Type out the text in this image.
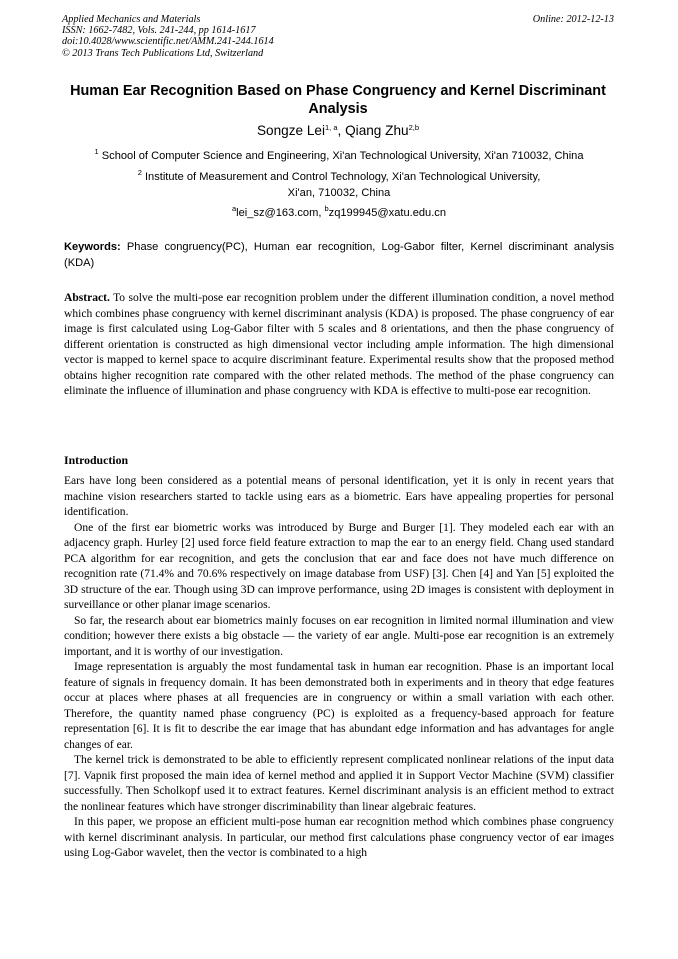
Applied Mechanics and Materials
ISSN: 1662-7482, Vols. 241-244, pp 1614-1617
doi:10.4028/www.scientific.net/AMM.241-244.1614
© 2013 Trans Tech Publications Ltd, Switzerland
Online: 2012-12-13
Human Ear Recognition Based on Phase Congruency and Kernel Discriminant Analysis
Songze Lei$^{1, a}$, Qiang Zhu$^{2,b}$
$^1$ School of Computer Science and Engineering, Xi'an Technological University, Xi'an 710032, China
$^2$ Institute of Measurement and Control Technology, Xi'an Technological University,
Xi'an, 710032, China
$^a$lei_sz@163.com, $^b$zq199945@xatu.edu.cn
Keywords: Phase congruency(PC), Human ear recognition, Log-Gabor filter, Kernel discriminant analysis (KDA)
Abstract. To solve the multi-pose ear recognition problem under the different illumination condition, a novel method which combines phase congruency with kernel discriminant analysis (KDA) is proposed. The phase congruency of ear image is first calculated using Log-Gabor filter with 5 scales and 8 orientations, and then the phase congruency of different orientation is constructed as high dimensional vector including ample information. The high dimensional vector is mapped to kernel space to acquire discriminant feature. Experimental results show that the proposed method obtains higher recognition rate compared with the other related methods. The method of the phase congruency can eliminate the influence of illumination and phase congruency with KDA is effective to multi-pose ear recognition.
Introduction

Ears have long been considered as a potential means of personal identification, yet it is only in recent years that machine vision researchers started to tackle using ears as a biometric. Ears have appealing properties for personal identification.

One of the first ear biometric works was introduced by Burge and Burger [1]. They modeled each ear with an adjacency graph. Hurley [2] used force field feature extraction to map the ear to an energy field. Chang used standard PCA algorithm for ear recognition, and gets the conclusion that ear and face does not have much difference on recognition rate (71.4% and 70.6% respectively on image database from USF) [3]. Chen [4] and Yan [5] exploited the 3D structure of the ear. Though using 3D can improve performance, using 2D images is consistent with deployment in surveillance or other planar image scenarios.

So far, the research about ear biometrics mainly focuses on ear recognition in limited normal illumination and view condition; however there exists a big obstacle — the variety of ear angle. Multi-pose ear recognition is an extremely important, and it is worthy of our investigation.

Image representation is arguably the most fundamental task in human ear recognition. Phase is an important local feature of signals in frequency domain. It has been demonstrated both in experiments and in theory that edge features occur at places where phases at all frequencies are in congruency or within a small variation with each other. Therefore, the quantity named phase congruency (PC) is exploited as a frequency-based approach for feature representation [6]. It is fit to describe the ear image that has abundant edge information and has advantages for angle changes of ear.

The kernel trick is demonstrated to be able to efficiently represent complicated nonlinear relations of the input data [7]. Vapnik first proposed the main idea of kernel method and applied it in Support Vector Machine (SVM) classifier successfully. Then Scholkopf used it to extract features. Kernel discriminant analysis is an efficient method to extract the nonlinear features which have stronger discriminability than linear algebraic features.

In this paper, we propose an efficient multi-pose human ear recognition method which combines phase congruency with kernel discriminant analysis. In particular, our method first calculations phase congruency vector of ear images using Log-Gabor wavelet, then the vector is combinated to a high
